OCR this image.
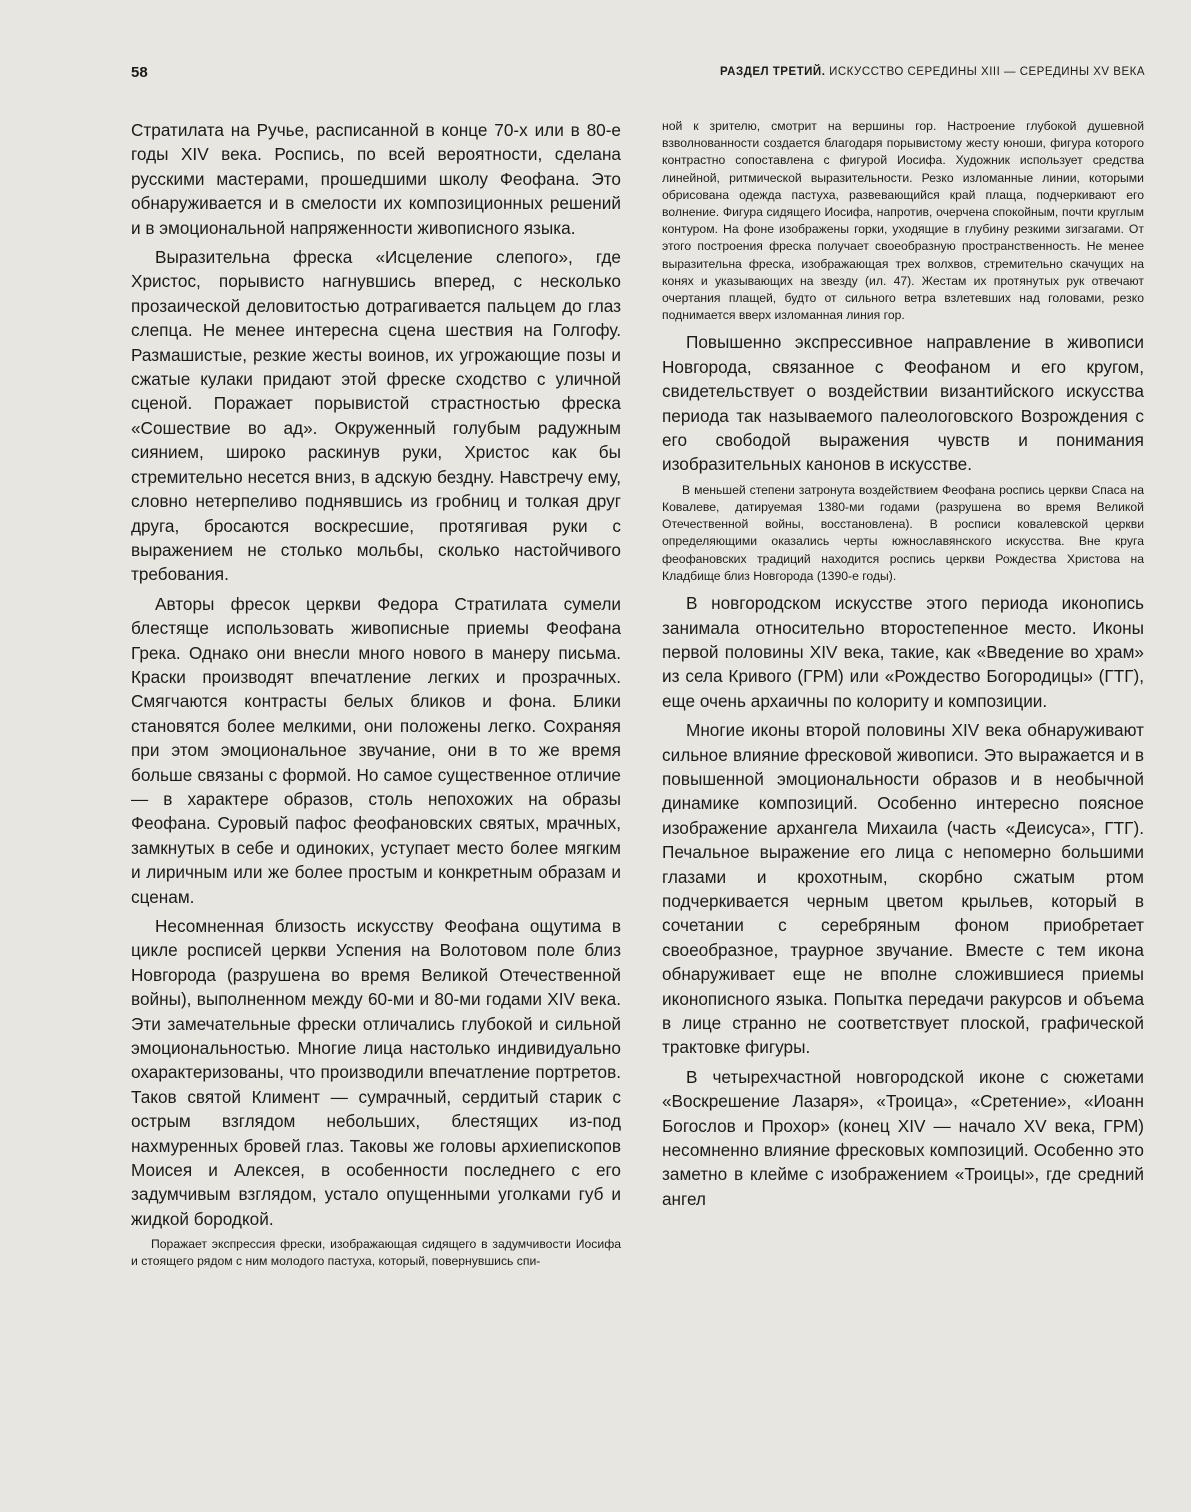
58	РАЗДЕЛ ТРЕТИЙ. ИСКУССТВО СЕРЕДИНЫ XIII — СЕРЕДИНЫ XV ВЕКА

Стратилата на Ручье, расписанной в конце 70-х или в 80-е годы XIV века. Роспись, по всей вероятности, сделана русскими мастерами, прошедшими школу Феофана. Это обнаруживается и в смелости их композиционных решений и в эмоциональной напряженности живописного языка.

Выразительна фреска «Исцеление слепого», где Христос, порывисто нагнувшись вперед, с несколько прозаической деловитостью дотрагивается пальцем до глаз слепца. Не менее интересна сцена шествия на Голгофу. Размашистые, резкие жесты воинов, их угрожающие позы и сжатые кулаки придают этой фреске сходство с уличной сценой. Поражает порывистой страстностью фреска «Сошествие во ад». Окруженный голубым радужным сиянием, широко раскинув руки, Христос как бы стремительно несется вниз, в адскую бездну. Навстречу ему, словно нетерпеливо поднявшись из гробниц и толкая друг друга, бросаются воскресшие, протягивая руки с выражением не столько мольбы, сколько настойчивого требования.

Авторы фресок церкви Федора Стратилата сумели блестяще использовать живописные приемы Феофана Грека. Однако они внесли много нового в манеру письма. Краски производят впечатление легких и прозрачных. Смягчаются контрасты белых бликов и фона. Блики становятся более мелкими, они положены легко. Сохраняя при этом эмоциональное звучание, они в то же время больше связаны с формой. Но самое существенное отличие — в характере образов, столь непохожих на образы Феофана. Суровый пафос феофановских святых, мрачных, замкнутых в себе и одиноких, уступает место более мягким и лиричным или же более простым и конкретным образам и сценам.

Несомненная близость искусству Феофана ощутима в цикле росписей церкви Успения на Волотовом поле близ Новгорода (разрушена во время Великой Отечественной войны), выполненном между 60-ми и 80-ми годами XIV века. Эти замечательные фрески отличались глубокой и сильной эмоциональностью. Многие лица настолько индивидуально охарактеризованы, что производили впечатление портретов. Таков святой Климент — сумрачный, сердитый старик с острым взглядом небольших, блестящих из-под нахмуренных бровей глаз. Таковы же головы архиепископов Моисея и Алексея, в особенности последнего с его задумчивым взглядом, устало опущенными уголками губ и жидкой бородкой.

Поражает экспрессия фрески, изображающая сидящего в задумчивости Иосифа и стоящего рядом с ним молодого пастуха, который, повернувшись спи-

ной к зрителю, смотрит на вершины гор. Настроение глубокой душевной взволнованности создается благодаря порывистому жесту юноши, фигура которого контрастно сопоставлена с фигурой Иосифа. Художник использует средства линейной, ритмической выразительности. Резко изломанные линии, которыми обрисована одежда пастуха, развевающийся край плаща, подчеркивают его волнение. Фигура сидящего Иосифа, напротив, очерчена спокойным, почти круглым контуром. На фоне изображены горки, уходящие в глубину резкими зигзагами. От этого построения фреска получает своеобразную пространственность. Не менее выразительна фреска, изображающая трех волхвов, стремительно скачущих на конях и указывающих на звезду (ил. 47). Жестам их протянутых рук отвечают очертания плащей, будто от сильного ветра взлетевших над головами, резко поднимается вверх изломанная линия гор.

Повышенно экспрессивное направление в живописи Новгорода, связанное с Феофаном и его кругом, свидетельствует о воздействии византийского искусства периода так называемого палеологовского Возрождения с его свободой выражения чувств и понимания изобразительных канонов в искусстве.

В меньшей степени затронута воздействием Феофана роспись церкви Спаса на Ковалеве, датируемая 1380-ми годами (разрушена во время Великой Отечественной войны, восстановлена). В росписи ковалевской церкви определяющими оказались черты южнославянского искусства. Вне круга феофановских традиций находится роспись церкви Рождества Христова на Кладбище близ Новгорода (1390-е годы).

В новгородском искусстве этого периода иконопись занимала относительно второстепенное место. Иконы первой половины XIV века, такие, как «Введение во храм» из села Кривого (ГРМ) или «Рождество Богородицы» (ГТГ), еще очень архаичны по колориту и композиции.

Многие иконы второй половины XIV века обнаруживают сильное влияние фресковой живописи. Это выражается и в повышенной эмоциональности образов и в необычной динамике композиций. Особенно интересно поясное изображение архангела Михаила (часть «Деисуса», ГТГ). Печальное выражение его лица с непомерно большими глазами и крохотным, скорбно сжатым ртом подчеркивается черным цветом крыльев, который в сочетании с серебряным фоном приобретает своеобразное, траурное звучание. Вместе с тем икона обнаруживает еще не вполне сложившиеся приемы иконописного языка. Попытка передачи ракурсов и объема в лице странно не соответствует плоской, графической трактовке фигуры.

В четырехчастной новгородской иконе с сюжетами «Воскрешение Лазаря», «Троица», «Сретение», «Иоанн Богослов и Прохор» (конец XIV — начало XV века, ГРМ) несомненно влияние фресковых композиций. Особенно это заметно в клейме с изображением «Троицы», где средний ангел
